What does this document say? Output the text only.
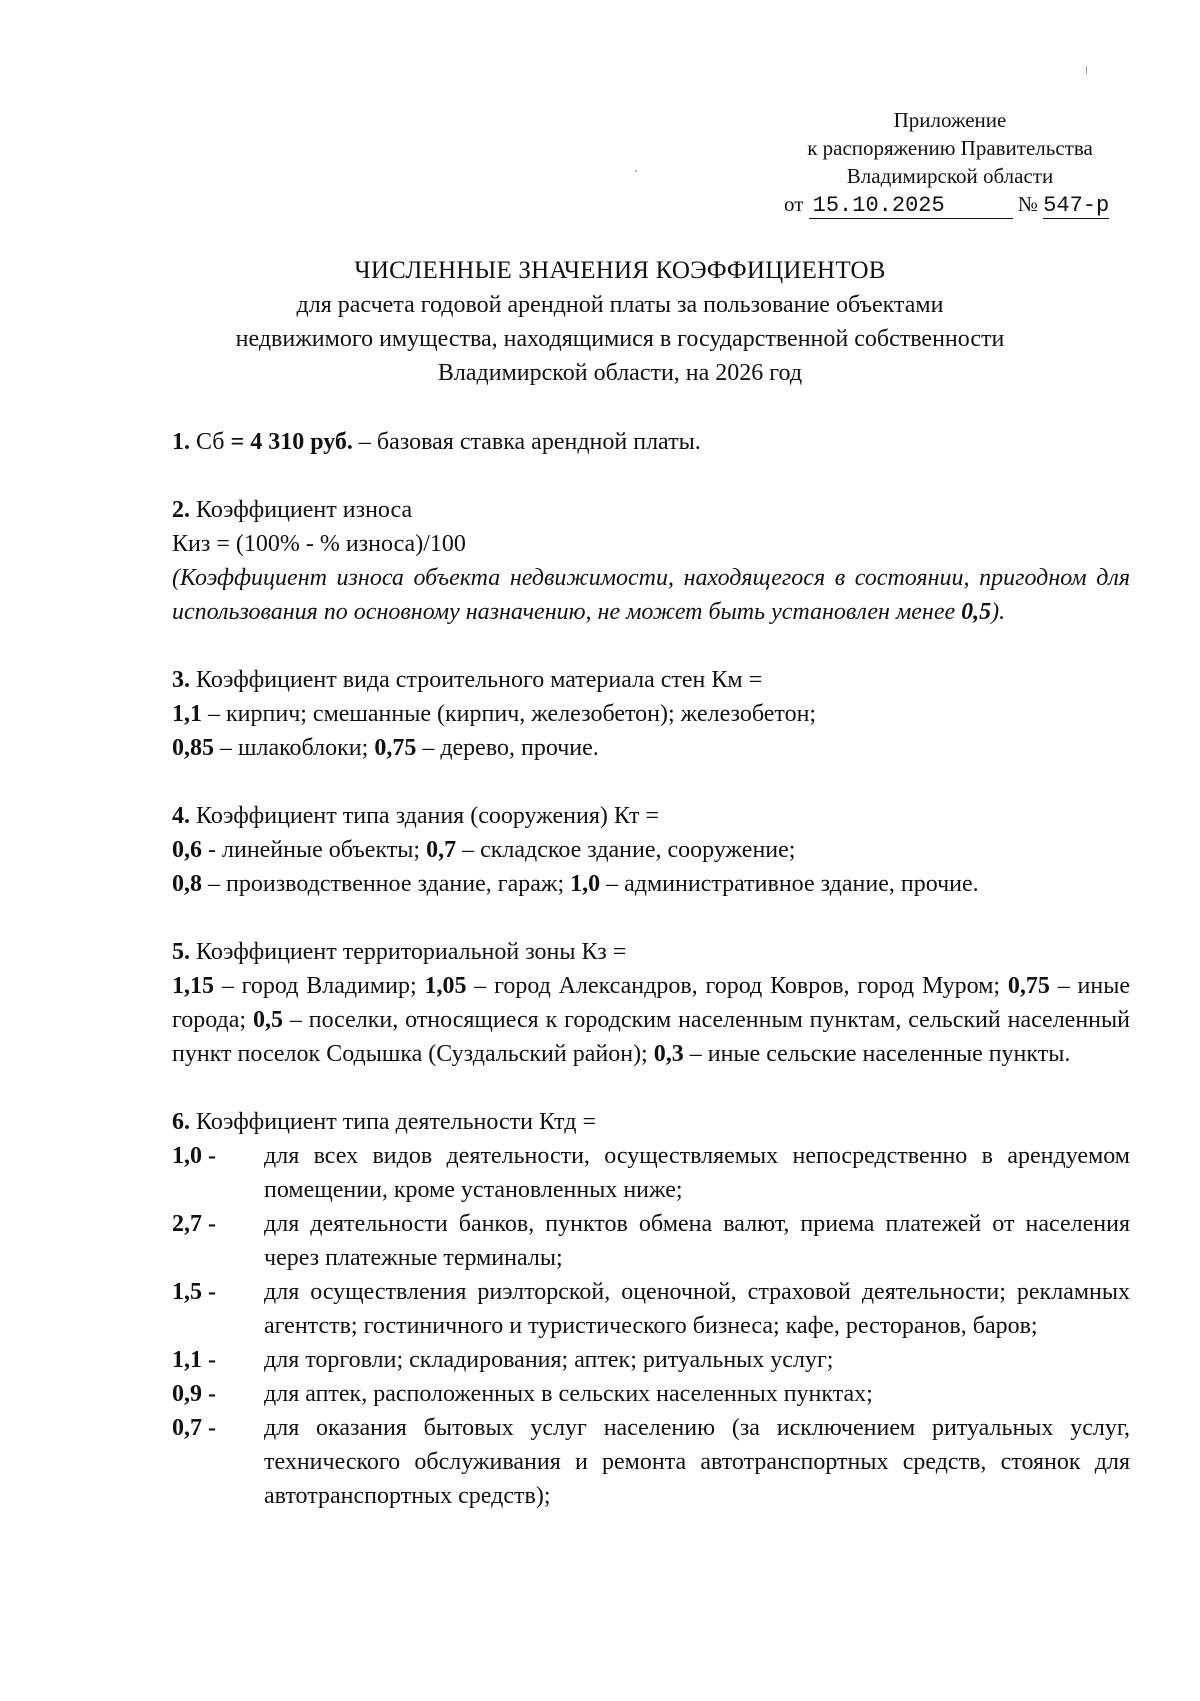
Приложение
к распоряжению Правительства
Владимирской области
от 15.10.2025	№ 547-р
ЧИСЛЕННЫЕ ЗНАЧЕНИЯ КОЭФФИЦИЕНТОВ
для расчета годовой арендной платы за пользование объектами
недвижимого имущества, находящимися в государственной собственности
Владимирской области, на 2026 год

1. Сб = 4 310 руб. – базовая ставка арендной платы.

2. Коэффициент износа

Киз = (100% - % износа)/100

(Коэффициент износа объекта недвижимости, находящегося в состоянии, пригодном для использования по основному назначению, не может быть установлен менее 0,5).

3. Коэффициент вида строительного материала стен Км =

1,1 – кирпич; смешанные (кирпич, железобетон); железобетон;

0,85 – шлакоблоки; 0,75 – дерево, прочие.

4. Коэффициент типа здания (сооружения) Кт =

0,6 - линейные объекты; 0,7 – складское здание, сооружение;

0,8 – производственное здание, гараж; 1,0 – административное здание, прочие.

5. Коэффициент территориальной зоны Кз =

1,15 – город Владимир; 1,05 – город Александров, город Ковров, город Муром; 0,75 – иные города; 0,5 – поселки, относящиеся к городским населенным пунктам, сельский населенный пункт поселок Содышка (Суздальский район); 0,3 – иные сельские населенные пункты.

6. Коэффициент типа деятельности Ктд =

1,0 -	для всех видов деятельности, осуществляемых непосредственно в арендуемом помещении, кроме установленных ниже;
2,7 -	для деятельности банков, пунктов обмена валют, приема платежей от населения через платежные терминалы;
1,5 -	для осуществления риэлторской, оценочной, страховой деятельности; рекламных агентств; гостиничного и туристического бизнеса; кафе, ресторанов, баров;
1,1 -	для торговли; складирования; аптек; ритуальных услуг;
0,9 -	для аптек, расположенных в сельских населенных пунктах;
0,7 -	для оказания бытовых услуг населению (за исключением ритуальных услуг, технического обслуживания и ремонта автотранспортных средств, стоянок для автотранспортных средств);
